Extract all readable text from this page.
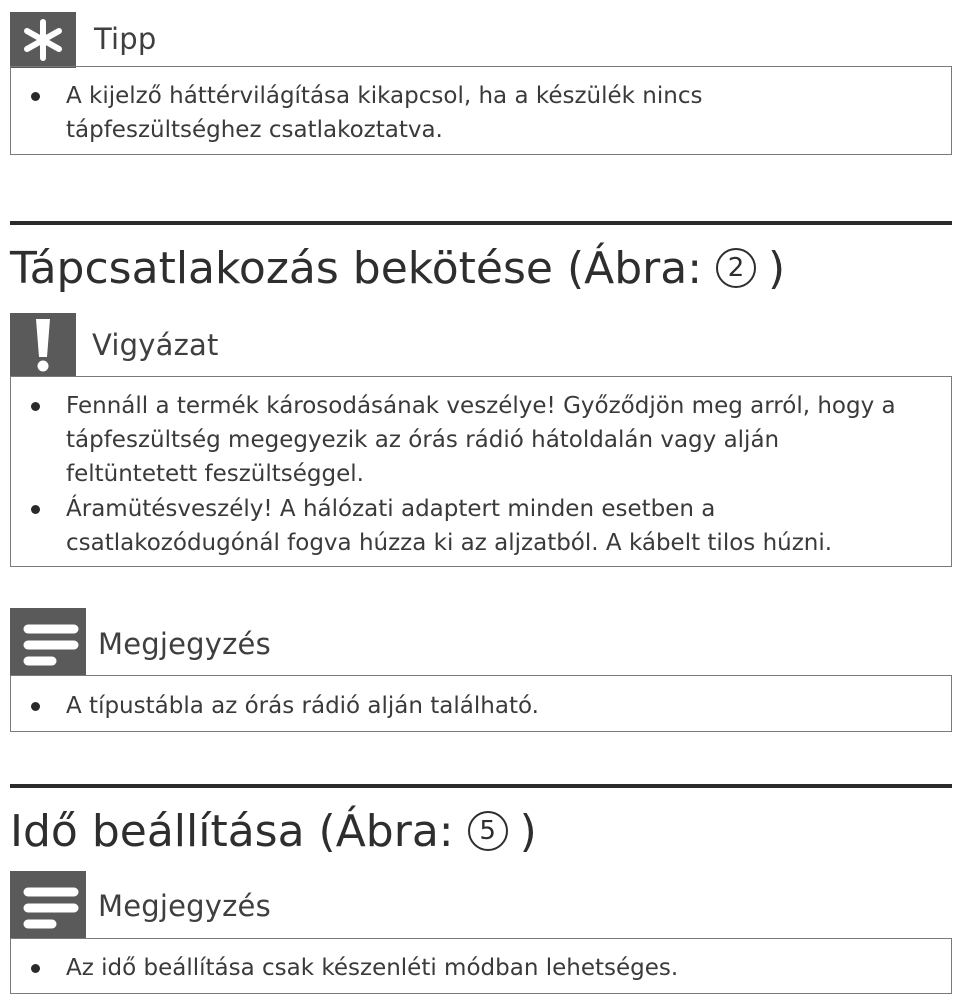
Tipp
A kijelző háttérvilágítása kikapcsol, ha a készülék nincs tápfeszültséghez csatlakoztatva.
Tápcsatlakozás bekötése (Ábra: 2 )
Vigyázat
Fennáll a termék károsodásának veszélye! Győződjön meg arról, hogy a tápfeszültség megegyezik az órás rádió hátoldalán vagy alján feltüntetett feszültséggel.
Áramütésveszély! A hálózati adaptert minden esetben a csatlakozódugónál fogva húzza ki az aljzatból. A kábelt tilos húzni.
Megjegyzés
A típustábla az órás rádió alján található.
Idő beállítása (Ábra: 5 )
Megjegyzés
Az idő beállítása csak készenléti módban lehetséges.
